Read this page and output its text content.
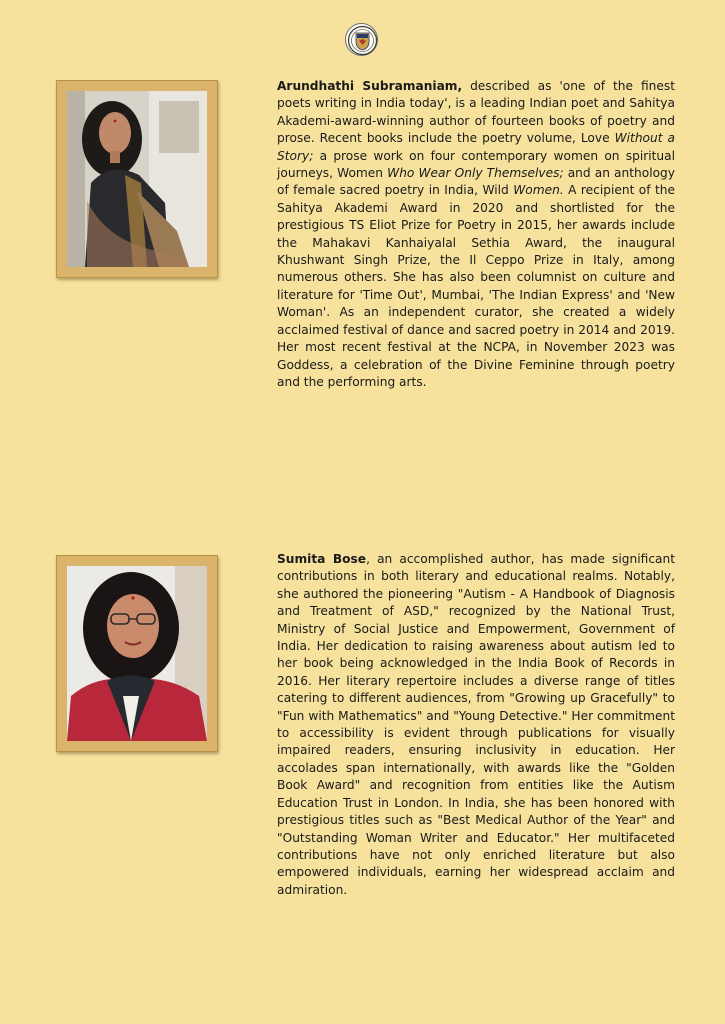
Arundhathi Subramaniam, described as 'one of the finest poets writing in India today', is a leading Indian poet and Sahitya Akademi-award-winning author of fourteen books of poetry and prose. Recent books include the poetry volume, Love Without a Story; a prose work on four contemporary women on spiritual journeys, Women Who Wear Only Themselves; and an anthology of female sacred poetry in India, Wild Women. A recipient of the Sahitya Akademi Award in 2020 and shortlisted for the prestigious TS Eliot Prize for Poetry in 2015, her awards include the Mahakavi Kanhaiyalal Sethia Award, the inaugural Khushwant Singh Prize, the Il Ceppo Prize in Italy, among numerous others. She has also been columnist on culture and literature for 'Time Out', Mumbai, 'The Indian Express' and 'New Woman'. As an independent curator, she created a widely acclaimed festival of dance and sacred poetry in 2014 and 2019. Her most recent festival at the NCPA, in November 2023 was Goddess, a celebration of the Divine Feminine through poetry and the performing arts.

Sumita Bose, an accomplished author, has made significant contributions in both literary and educational realms. Notably, she authored the pioneering "Autism - A Handbook of Diagnosis and Treatment of ASD," recognized by the National Trust, Ministry of Social Justice and Empowerment, Government of India. Her dedication to raising awareness about autism led to her book being acknowledged in the India Book of Records in 2016. Her literary repertoire includes a diverse range of titles catering to different audiences, from "Growing up Gracefully" to "Fun with Mathematics" and "Young Detective." Her commitment to accessibility is evident through publications for visually impaired readers, ensuring inclusivity in education. Her accolades span internationally, with awards like the "Golden Book Award" and recognition from entities like the Autism Education Trust in London. In India, she has been honored with prestigious titles such as "Best Medical Author of the Year" and "Outstanding Woman Writer and Educator." Her multifaceted contributions have not only enriched literature but also empowered individuals, earning her widespread acclaim and admiration.
